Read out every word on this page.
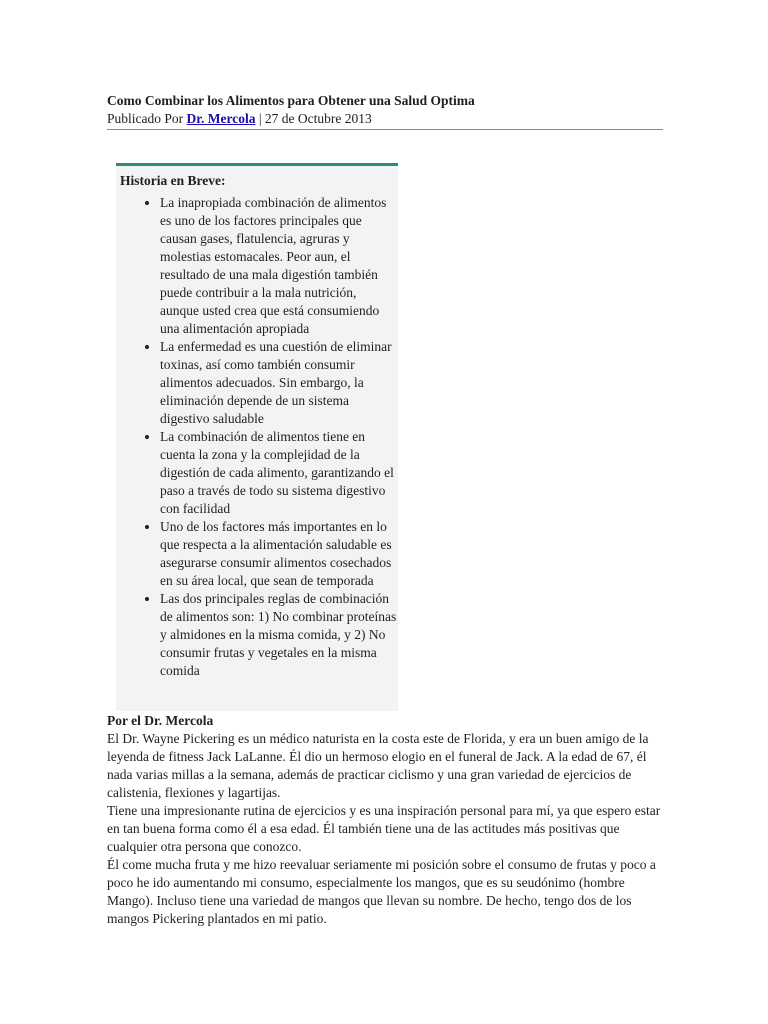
Como Combinar los Alimentos para Obtener una Salud Optima

Publicado Por Dr. Mercola | 27 de Octubre 2013

Historia en Breve:
• La inapropiada combinación de alimentos es uno de los factores principales que causan gases, flatulencia, agruras y molestias estomacales. Peor aun, el resultado de una mala digestión también puede contribuir a la mala nutrición, aunque usted crea que está consumiendo una alimentación apropiada
• La enfermedad es una cuestión de eliminar toxinas, así como también consumir alimentos adecuados. Sin embargo, la eliminación depende de un sistema digestivo saludable
• La combinación de alimentos tiene en cuenta la zona y la complejidad de la digestión de cada alimento, garantizando el paso a través de todo su sistema digestivo con facilidad
• Uno de los factores más importantes en lo que respecta a la alimentación saludable es asegurarse consumir alimentos cosechados en su área local, que sean de temporada
• Las dos principales reglas de combinación de alimentos son: 1) No combinar proteínas y almidones en la misma comida, y 2) No consumir frutas y vegetales en la misma comida

Por el Dr. Mercola

El Dr. Wayne Pickering es un médico naturista en la costa este de Florida, y era un buen amigo de la leyenda de fitness Jack LaLanne. Él dio un hermoso elogio en el funeral de Jack. A la edad de 67, él nada varias millas a la semana, además de practicar ciclismo y una gran variedad de ejercicios de calistenia, flexiones y lagartijas.

Tiene una impresionante rutina de ejercicios y es una inspiración personal para mí, ya que espero estar en tan buena forma como él a esa edad. Él también tiene una de las actitudes más positivas que cualquier otra persona que conozco.

Él come mucha fruta y me hizo reevaluar seriamente mi posición sobre el consumo de frutas y poco a poco he ido aumentando mi consumo, especialmente los mangos, que es su seudónimo (hombre Mango). Incluso tiene una variedad de mangos que llevan su nombre. De hecho, tengo dos de los mangos Pickering plantados en mi patio.
